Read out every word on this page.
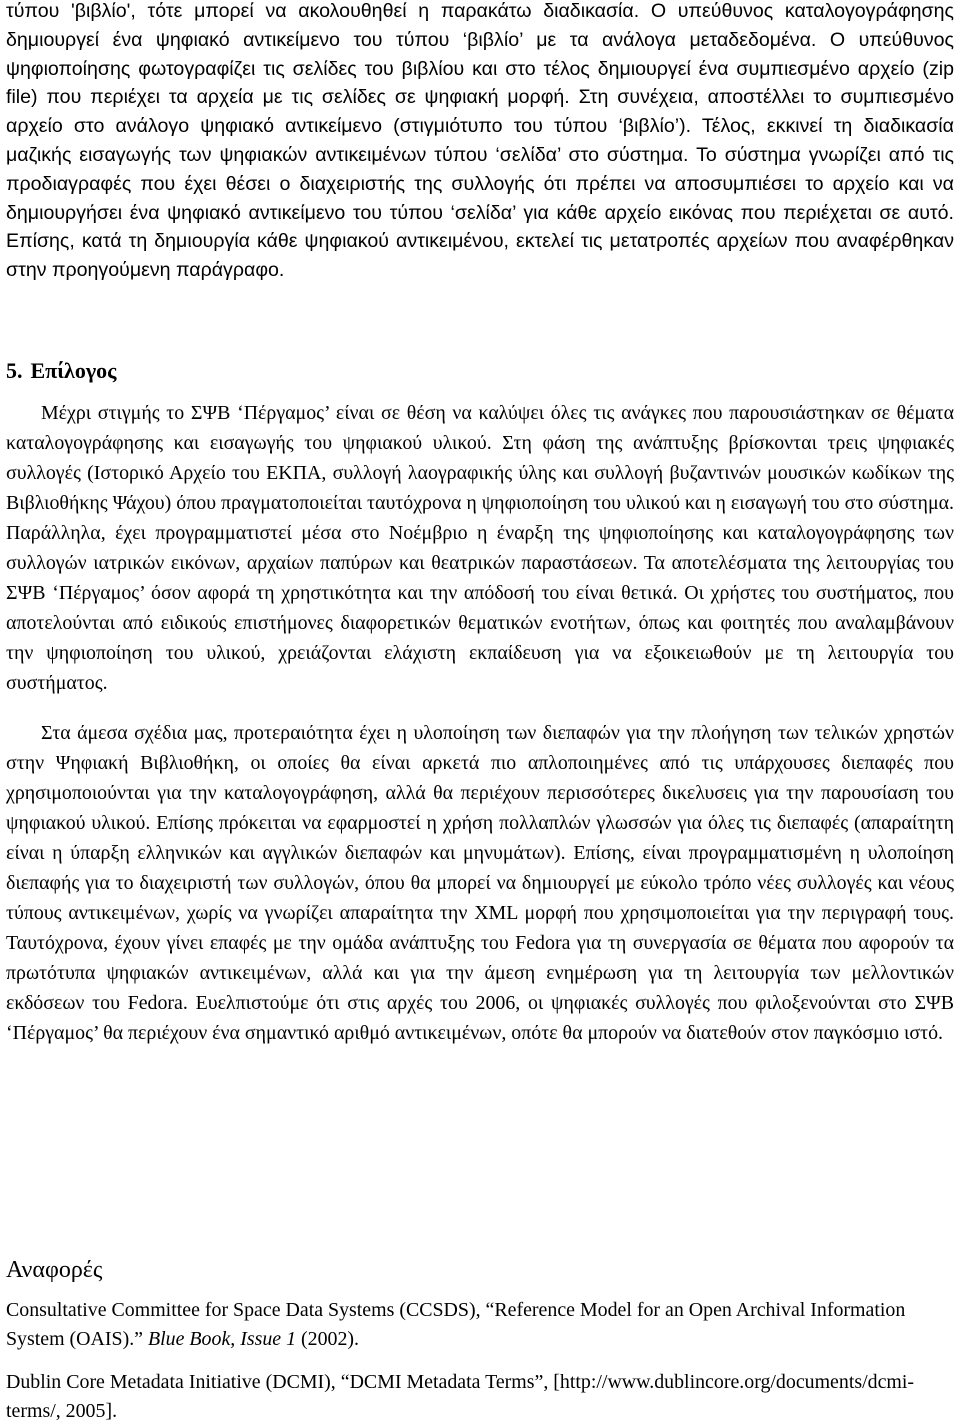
τύπου 'βιβλίο', τότε μπορεί να ακολουθηθεί η παρακάτω διαδικασία. Ο υπεύθυνος καταλογογράφησης δημιουργεί ένα ψηφιακό αντικείμενο του τύπου ‘βιβλίο’ με τα ανάλογα μεταδεδομένα. Ο υπεύθυνος ψηφιοποίησης φωτογραφίζει τις σελίδες του βιβλίου και στο τέλος δημιουργεί ένα συμπιεσμένο αρχείο (zip file) που περιέχει τα αρχεία με τις σελίδες σε ψηφιακή μορφή. Στη συνέχεια, αποστέλλει το συμπιεσμένο αρχείο στο ανάλογο ψηφιακό αντικείμενο (στιγμιότυπο του τύπου ‘βιβλίο’). Τέλος, εκκινεί τη διαδικασία μαζικής εισαγωγής των ψηφιακών αντικειμένων τύπου ‘σελίδα’ στο σύστημα. Το σύστημα γνωρίζει από τις προδιαγραφές που έχει θέσει ο διαχειριστής της συλλογής ότι πρέπει να αποσυμπιέσει το αρχείο και να δημιουργήσει ένα ψηφιακό αντικείμενο του τύπου ‘σελίδα’ για κάθε αρχείο εικόνας που περιέχεται σε αυτό. Επίσης, κατά τη δημιουργία κάθε ψηφιακού αντικειμένου, εκτελεί τις μετατροπές αρχείων που αναφέρθηκαν στην προηγούμενη παράγραφο.

5. Επίλογος

Μέχρι στιγμής το ΣΨΒ ‘Πέργαμος’ είναι σε θέση να καλύψει όλες τις ανάγκες που παρουσιάστηκαν σε θέματα καταλογογράφησης και εισαγωγής του ψηφιακού υλικού. Στη φάση της ανάπτυξης βρίσκονται τρεις ψηφιακές συλλογές (Ιστορικό Αρχείο του ΕΚΠΑ, συλλογή λαογραφικής ύλης και συλλογή βυζαντινών μουσικών κωδίκων της Βιβλιοθήκης Ψάχου) όπου πραγματοποιείται ταυτόχρονα η ψηφιοποίηση του υλικού και η εισαγωγή του στο σύστημα. Παράλληλα, έχει προγραμματιστεί μέσα στο Νοέμβριο η έναρξη της ψηφιοποίησης και καταλογογράφησης των συλλογών ιατρικών εικόνων, αρχαίων παπύρων και θεατρικών παραστάσεων. Τα αποτελέσματα της λειτουργίας του ΣΨΒ ‘Πέργαμος’ όσον αφορά τη χρηστικότητα και την απόδοσή του είναι θετικά. Οι χρήστες του συστήματος, που αποτελούνται από ειδικούς επιστήμονες διαφορετικών θεματικών ενοτήτων, όπως και φοιτητές που αναλαμβάνουν την ψηφιοποίηση του υλικού, χρειάζονται ελάχιστη εκπαίδευση για να εξοικειωθούν με τη λειτουργία του συστήματος.

Στα άμεσα σχέδια μας, προτεραιότητα έχει η υλοποίηση των διεπαφών για την πλοήγηση των τελικών χρηστών στην Ψηφιακή Βιβλιοθήκη, οι οποίες θα είναι αρκετά πιο απλοποιημένες από τις υπάρχουσες διεπαφές που χρησιμοποιούνται για την καταλογογράφηση, αλλά θα περιέχουν περισσότερες δικελυσεις για την παρουσίαση του ψηφιακού υλικού. Επίσης πρόκειται να εφαρμοστεί η χρήση πολλαπλών γλωσσών για όλες τις διεπαφές (απαραίτητη είναι η ύπαρξη ελληνικών και αγγλικών διεπαφών και μηνυμάτων). Επίσης, είναι προγραμματισμένη η υλοποίηση διεπαφής για το διαχειριστή των συλλογών, όπου θα μπορεί να δημιουργεί με εύκολο τρόπο νέες συλλογές και νέους τύπους αντικειμένων, χωρίς να γνωρίζει απαραίτητα την XML μορφή που χρησιμοποιείται για την περιγραφή τους. Ταυτόχρονα, έχουν γίνει επαφές με την ομάδα ανάπτυξης του Fedora για τη συνεργασία σε θέματα που αφορούν τα πρωτότυπα ψηφιακών αντικειμένων, αλλά και για την άμεση ενημέρωση για τη λειτουργία των μελλοντικών εκδόσεων του Fedora. Ευελπιστούμε ότι στις αρχές του 2006, οι ψηφιακές συλλογές που φιλοξενούνται στο ΣΨΒ ‘Πέργαμος’ θα περιέχουν ένα σημαντικό αριθμό αντικειμένων, οπότε θα μπορούν να διατεθούν στον παγκόσμιο ιστό.

Αναφορές

Consultative Committee for Space Data Systems (CCSDS), “Reference Model for an Open Archival Information System (OAIS).” Blue Book, Issue 1 (2002).

Dublin Core Metadata Initiative (DCMI), “DCMI Metadata Terms”, [http://www.dublincore.org/documents/dcmi-terms/, 2005].
